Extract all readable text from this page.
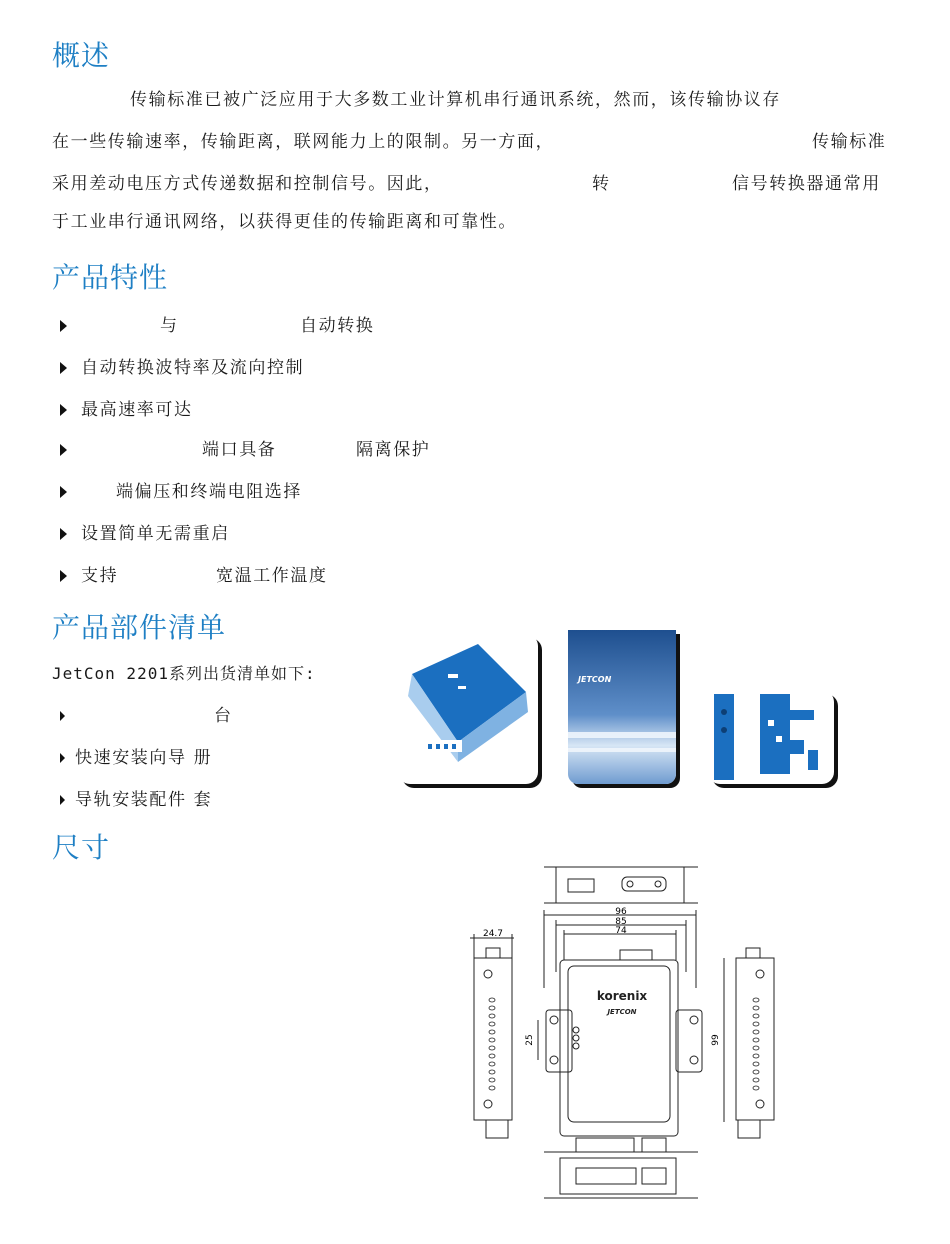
概述
传输标准已被广泛应用于大多数工业计算机串行通讯系统，然而，该传输协议存
在一些传输速率，传输距离，联网能力上的限制。另一方面，	传输标准
采用差动电压方式传递数据和控制信号。因此，	转	信号转换器通常用
于工业串行通讯网络，以获得更佳的传输距离和可靠性。
产品特性
与	自动转换
自动转换波特率及流向控制
最高速率可达
端口具备	隔离保护
端偏压和终端电阻选择
设置简单无需重启
支持	宽温工作温度
产品部件清单
JetCon 2201系列出货清单如下:
台
快速安装向导 册
导轨安装配件 套
JETCON
尺寸
96
85
74
24.7
25	99
korenix
JETCON
